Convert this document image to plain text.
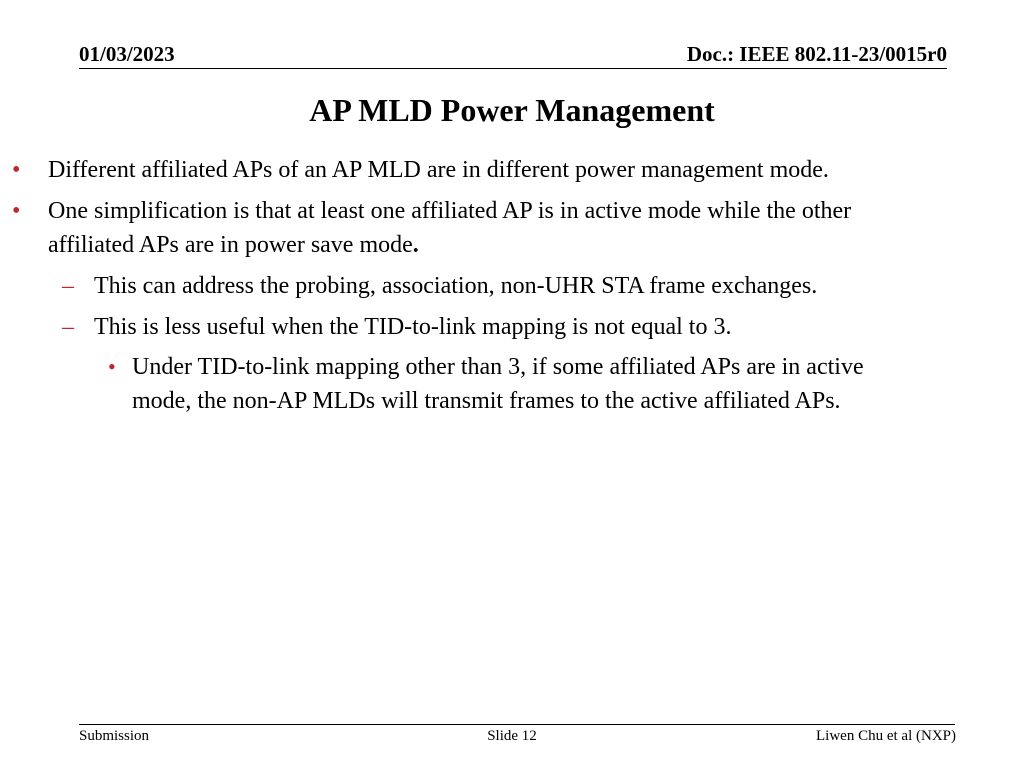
01/03/2023	Doc.: IEEE 802.11-23/0015r0
AP MLD Power Management
• Different affiliated APs of an AP MLD are in different power management mode.
• One simplification is that at least one affiliated AP is in active mode while the other
affiliated APs are in power save mode.
– This can address the probing, association, non-UHR STA frame exchanges.
– This is less useful when the TID-to-link mapping is not equal to 3.
• Under TID-to-link mapping other than 3, if some affiliated APs are in active
mode, the non-AP MLDs will transmit frames to the active affiliated APs.
Submission	Slide 12	Liwen Chu et al (NXP)
